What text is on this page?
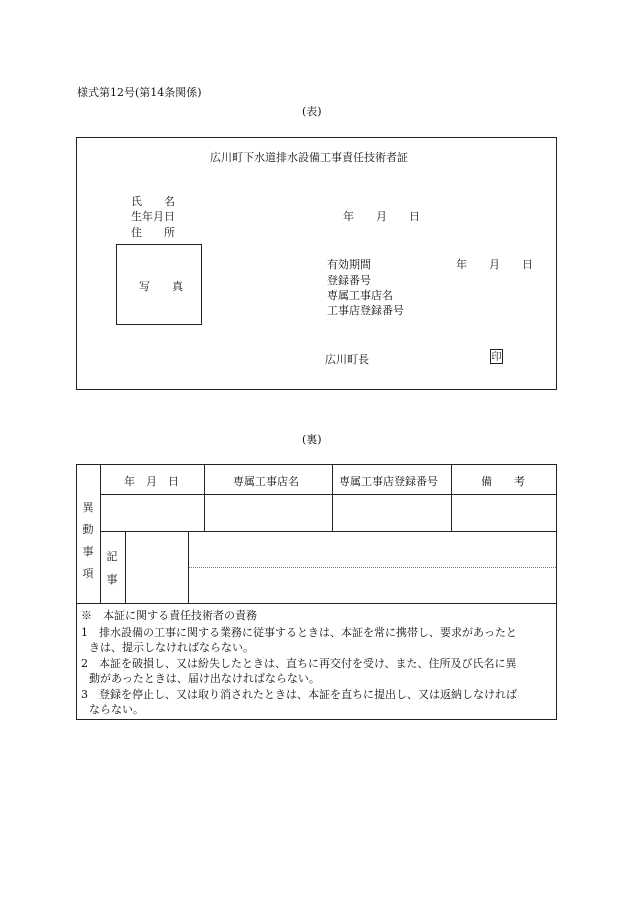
様式第12号(第14条関係)
(表)
広川町下水道排水設備工事責任技術者証
氏　　名
生年月日
住　　所
年　　月　　日
写　　真
有効期間	年　　月　　日
登録番号
専属工事店名
工事店登録番号
広川町長	印
(裏)
年　月　日	専属工事店名	専属工事店登録番号	備　　考
異
動
事
項
記
事
※　本証に関する責任技術者の責務
1　排水設備の工事に関する業務に従事するときは、本証を常に携帯し、要求があったと
きは、提示しなければならない。
2　本証を破損し、又は紛失したときは、直ちに再交付を受け、また、住所及び氏名に異
動があったときは、届け出なければならない。
3　登録を停止し、又は取り消されたときは、本証を直ちに提出し、又は返納しなければ
ならない。
